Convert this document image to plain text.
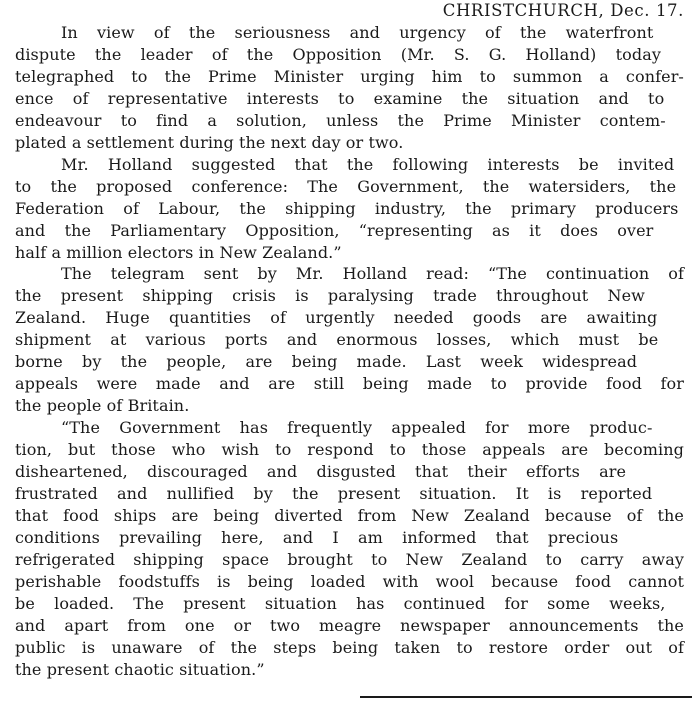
CHRISTCHURCH, Dec. 17.
In view of the seriousness and urgency of the waterfront
dispute the leader of the Opposition (Mr. S. G. Holland) today
telegraphed to the Prime Minister urging him to summon a confer-
ence of representative interests to examine the situation and to
endeavour to find a solution, unless the Prime Minister contem-
plated a settlement during the next day or two.
Mr. Holland suggested that the following interests be invited
to the proposed conference: The Government, the watersiders, the
Federation of Labour, the shipping industry, the primary producers
and the Parliamentary Opposition, “representing as it does over
half a million electors in New Zealand.”
The telegram sent by Mr. Holland read: “The continuation of
the present shipping crisis is paralysing trade throughout New
Zealand. Huge quantities of urgently needed goods are awaiting
shipment at various ports and enormous losses, which must be
borne by the people, are being made. Last week widespread
appeals were made and are still being made to provide food for
the people of Britain.
“The Government has frequently appealed for more produc-
tion, but those who wish to respond to those appeals are becoming
disheartened, discouraged and disgusted that their efforts are
frustrated and nullified by the present situation. It is reported
that food ships are being diverted from New Zealand because of the
conditions prevailing here, and I am informed that precious
refrigerated shipping space brought to New Zealand to carry away
perishable foodstuffs is being loaded with wool because food cannot
be loaded. The present situation has continued for some weeks,
and apart from one or two meagre newspaper announcements the
public is unaware of the steps being taken to restore order out of
the present chaotic situation.”
